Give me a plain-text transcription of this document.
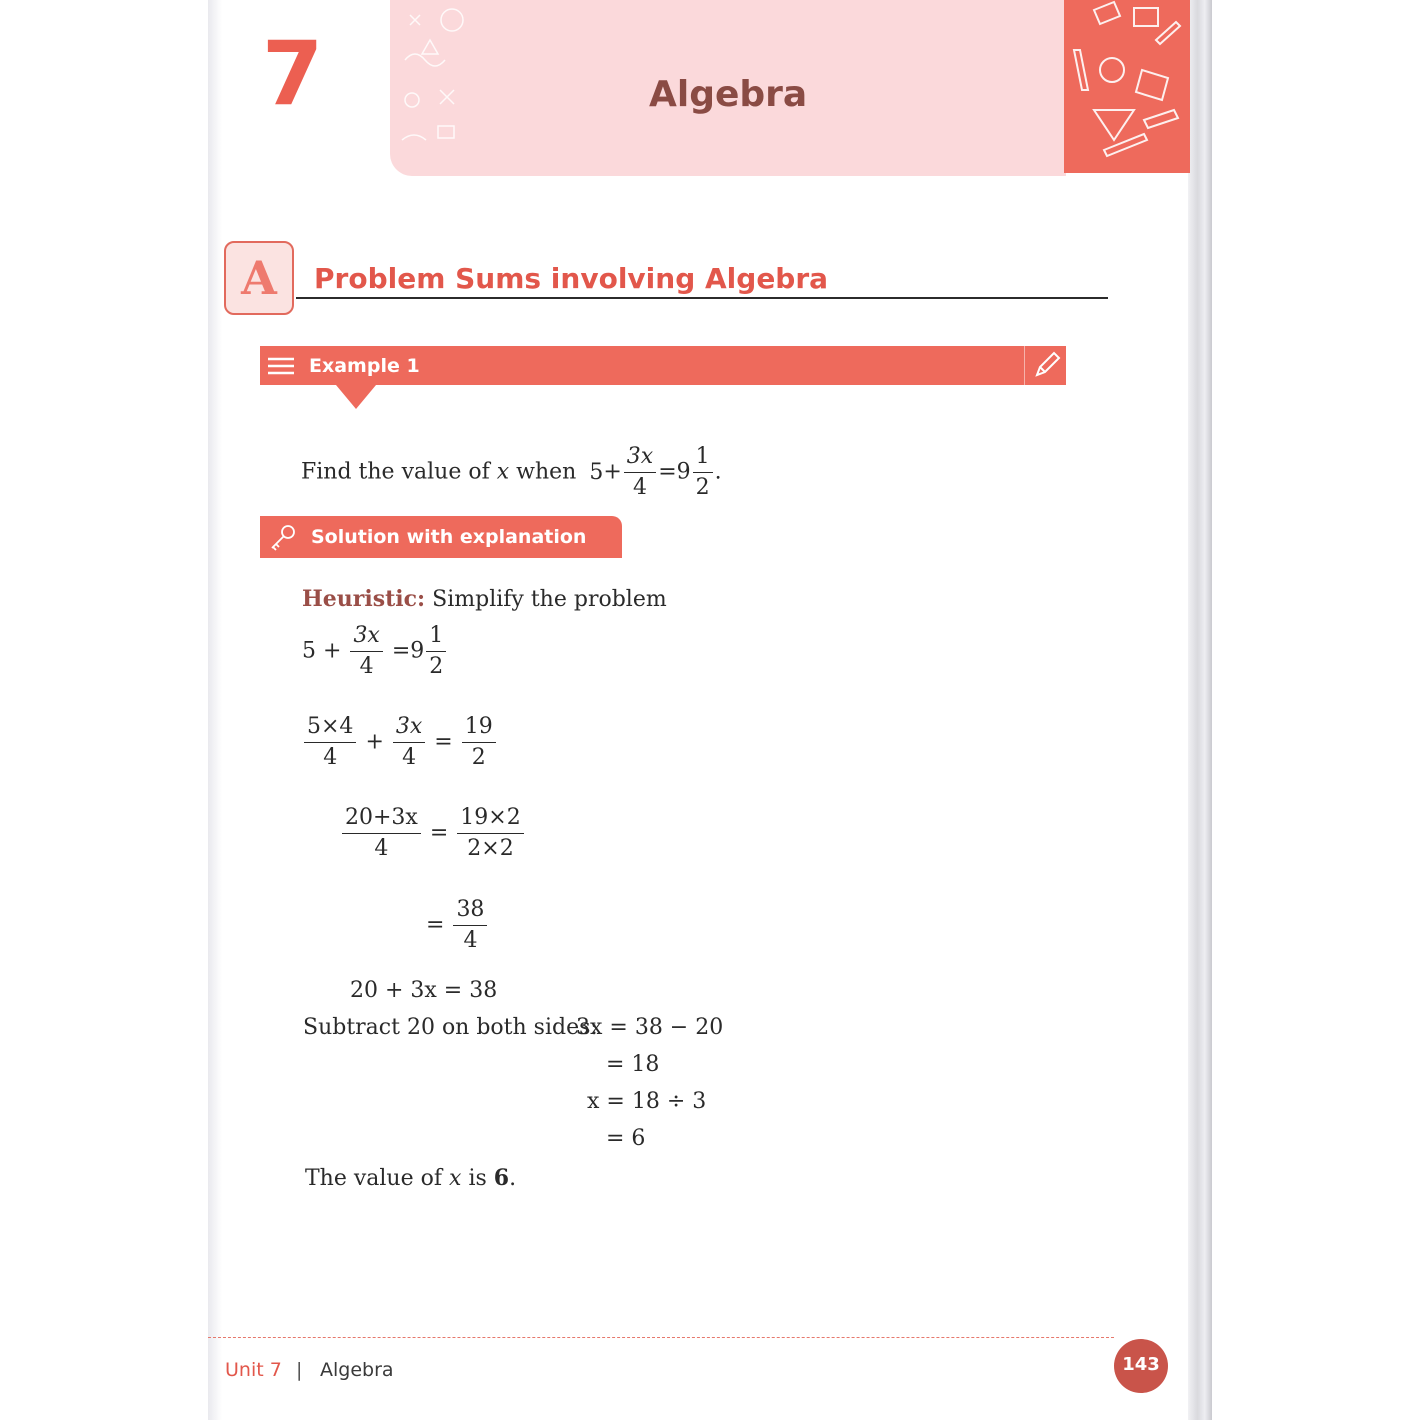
7	Algebra
A	Problem Sums involving Algebra
Example 1
Find the value of x when $5+ \frac{3x}{4} =9 \frac{1}{2}$ .
Solution with explanation
Heuristic: Simplify the problem
$5 + \frac{3x}{4} =9 \frac{1}{2}$
$\frac{5\times 4}{4} + \frac{3x}{4} = \frac{19}{2}$
$\frac{20+3x}{4} = \frac{19\times 2}{2\times 2}$
= $\frac{38}{4}$
20 + 3x = 38
Subtract 20 on both sides:
3x = 38 − 20
= 18
x = 18 ÷ 3
= 6
The value of x is 6.
Unit 7 | Algebra	143
